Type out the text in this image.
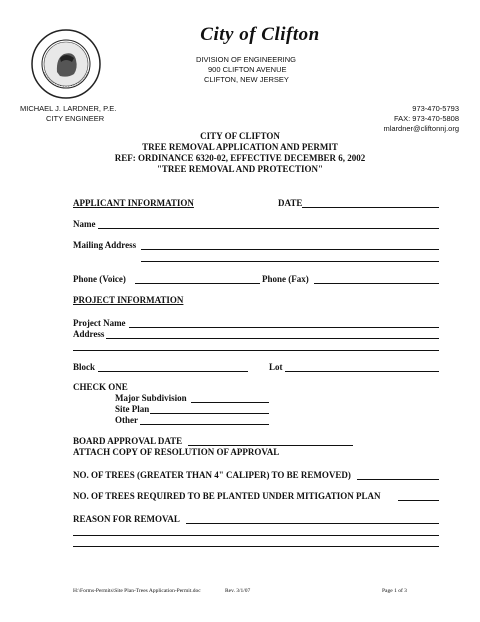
City of Clifton
DIVISION OF ENGINEERING
900 CLIFTON AVENUE
CLIFTON, NEW JERSEY
MICHAEL J. LARDNER, P.E.
CITY ENGINEER
973-470-5793
FAX: 973-470-5808
mlardner@cliftonnj.org
CITY OF CLIFTON
TREE REMOVAL APPLICATION AND PERMIT
REF: ORDINANCE 6320-02, EFFECTIVE DECEMBER 6, 2002
"TREE REMOVAL AND PROTECTION"
APPLICANT INFORMATION	DATE
Name
Mailing Address
Phone (Voice)	Phone (Fax)
PROJECT INFORMATION
Project Name
Address
Block	Lot
CHECK ONE
Major Subdivision
Site Plan
Other
BOARD APPROVAL DATE
ATTACH COPY OF RESOLUTION OF APPROVAL
NO. OF TREES (GREATER THAN 4" CALIPER) TO BE REMOVED)
NO. OF TREES REQUIRED TO BE PLANTED UNDER MITIGATION PLAN
REASON FOR REMOVAL
H:\Forms-Permits\Site Plan-Trees Application-Permit.doc	Rev. 3/1/07	Page 1 of 3
